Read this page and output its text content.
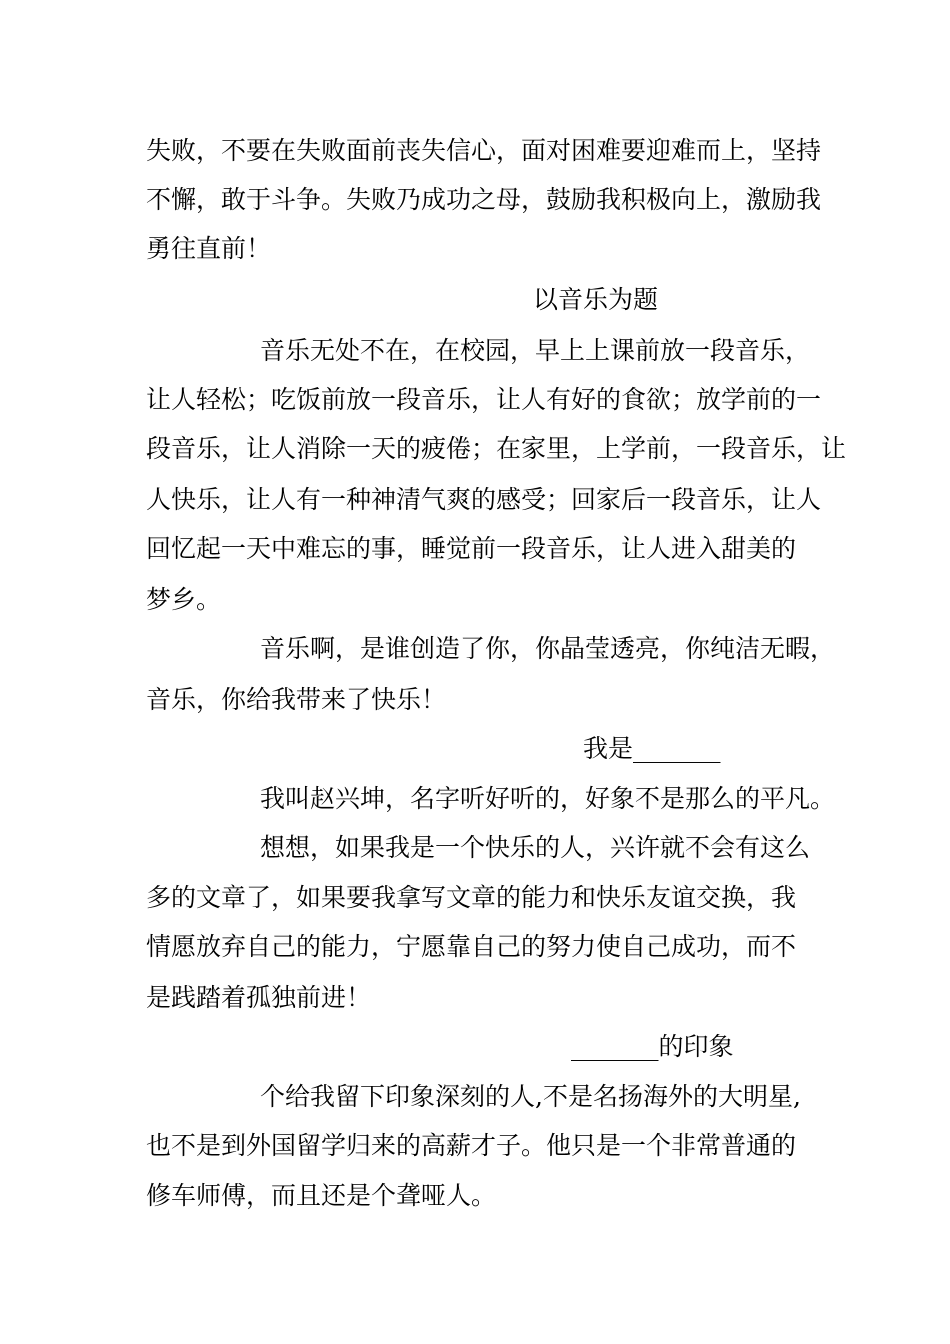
失败，不要在失败面前丧失信心，面对困难要迎难而上，坚持
不懈，敢于斗争。失败乃成功之母，鼓励我积极向上，激励我
勇往直前！
以音乐为题
音乐无处不在，在校园，早上上课前放一段音乐，
让人轻松；吃饭前放一段音乐，让人有好的食欲；放学前的一
段音乐，让人消除一天的疲倦；在家里，上学前，一段音乐，让
人快乐，让人有一种神清气爽的感受；回家后一段音乐，让人
回忆起一天中难忘的事，睡觉前一段音乐，让人进入甜美的
梦乡。
音乐啊，是谁创造了你，你晶莹透亮，你纯洁无暇，
音乐，你给我带来了快乐！
我是_______
我叫赵兴坤，名字听好听的，好象不是那么的平凡。
想想，如果我是一个快乐的人，兴许就不会有这么
多的文章了，如果要我拿写文章的能力和快乐友谊交换，我
情愿放弃自己的能力，宁愿靠自己的努力使自己成功，而不
是践踏着孤独前进！
_______的印象
个给我留下印象深刻的人,不是名扬海外的大明星,
也不是到外国留学归来的高薪才子。他只是一个非常普通的
修车师傅，而且还是个聋哑人。
